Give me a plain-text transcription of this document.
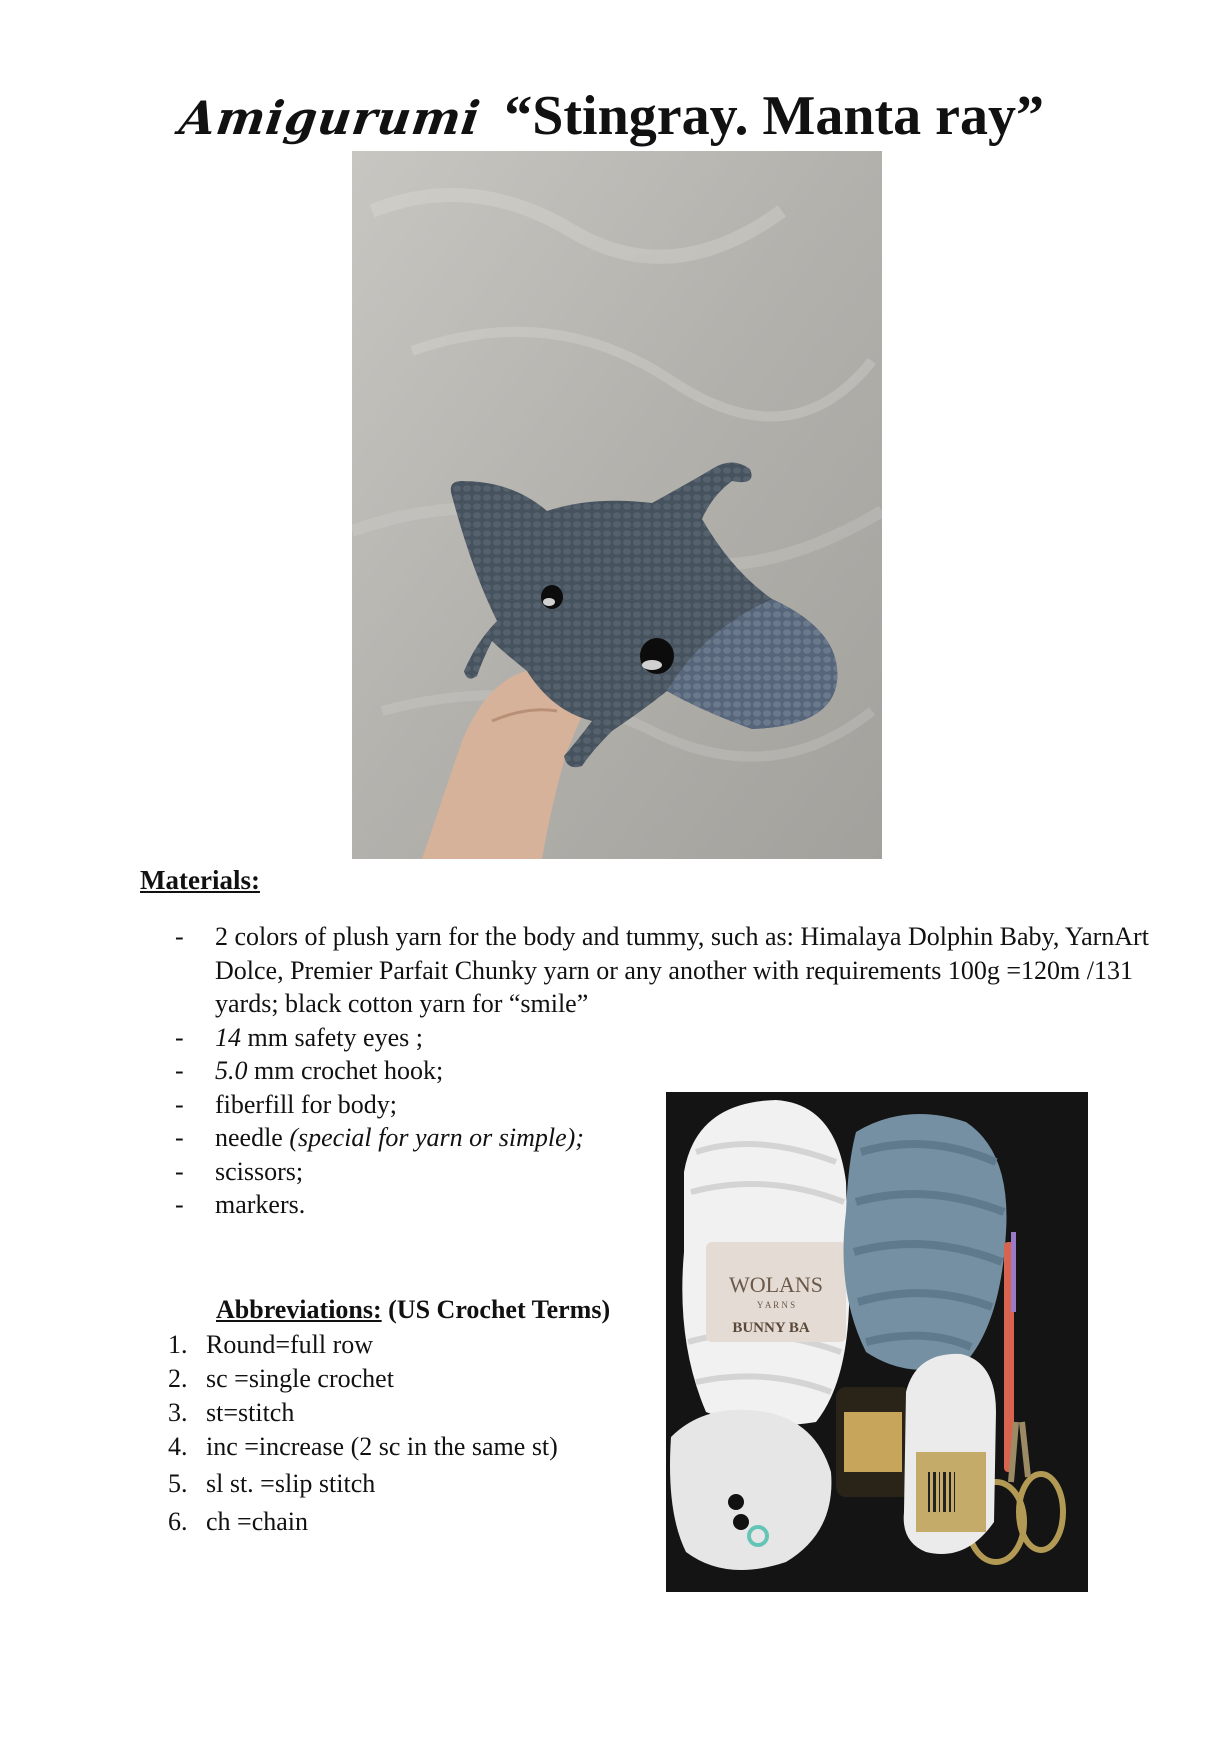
Amigurumi “Stingray. Manta ray”
Materials:
- 2 colors of plush yarn for the body and tummy, such as: Himalaya Dolphin Baby, YarnArt Dolce, Premier Parfait Chunky yarn or any another with requirements 100g =120m /131 yards; black cotton yarn for “smile”
- 14 mm safety eyes ;
- 5.0 mm crochet hook;
- fiberfill for body;
- needle (special for yarn or simple);
- scissors;
- markers.
WOLANS
Y A R N S
BUNNY BA
Abbreviations: (US Crochet Terms)
1. Round=full row
2. sc =single crochet
3. st=stitch
4. inc =increase (2 sc in the same st)
5. sl st. =slip stitch
6. ch =chain
